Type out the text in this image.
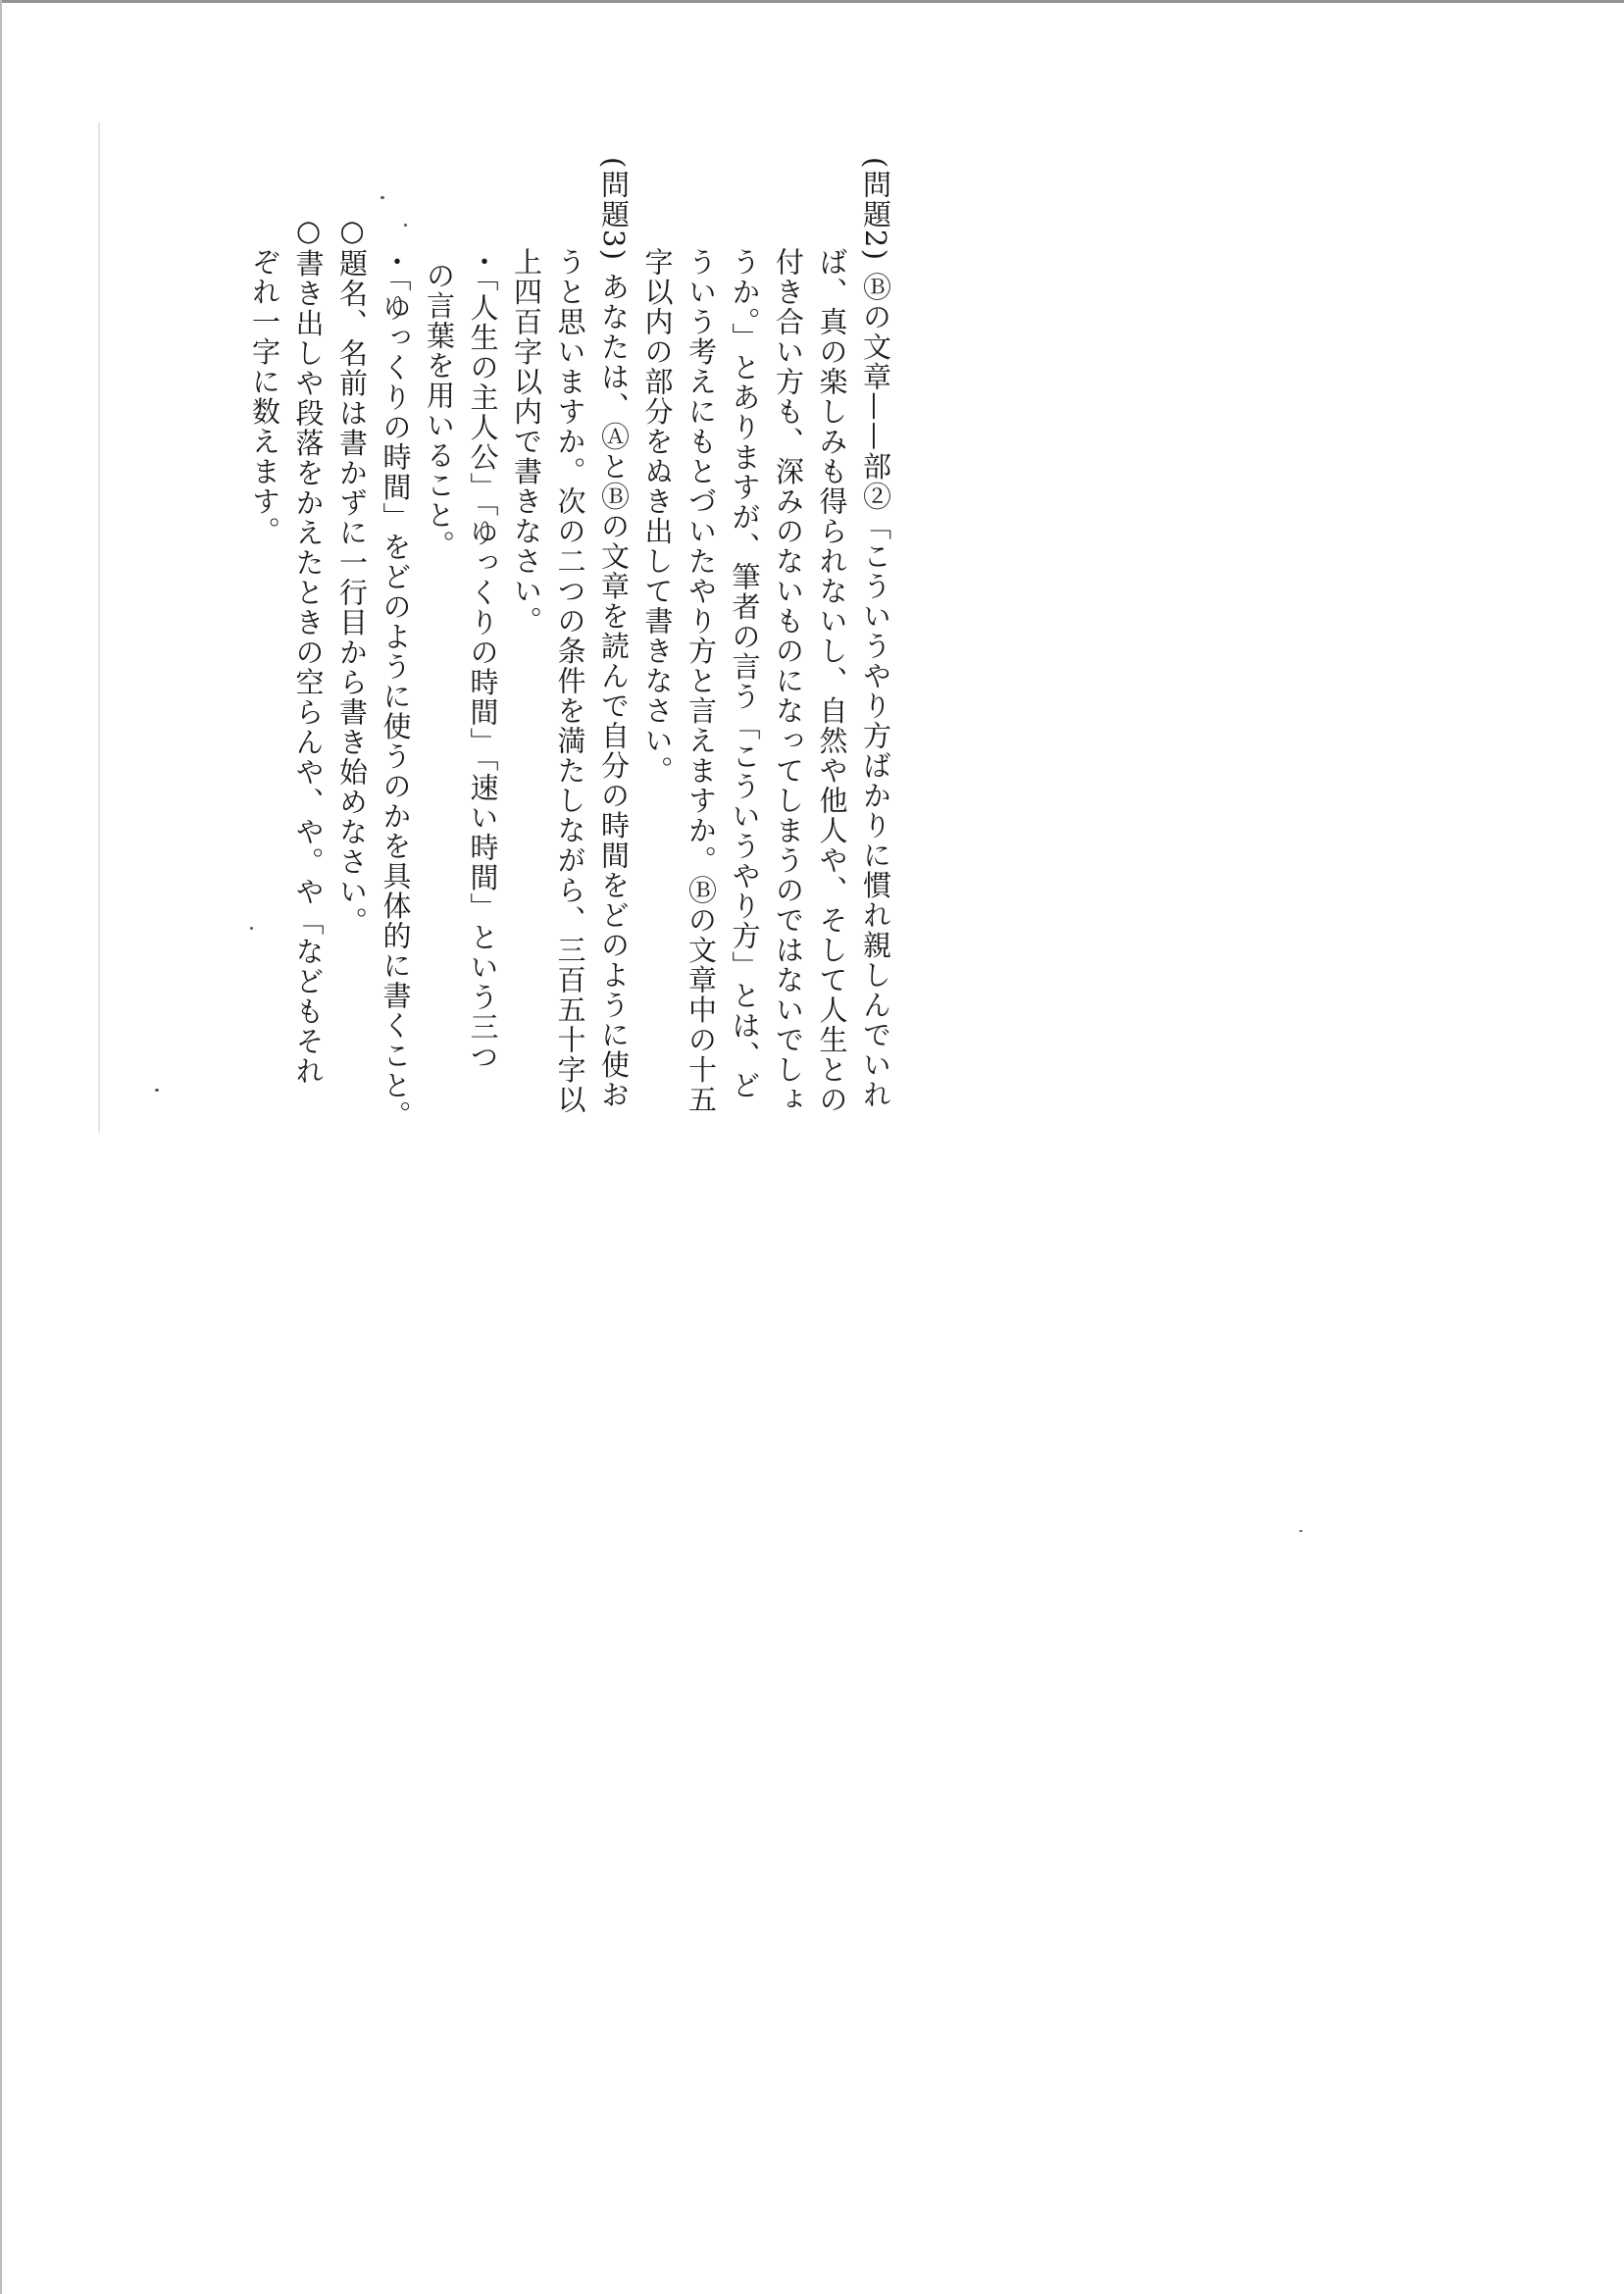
(問題2) Ⓑの文章——部②「こういうやり方ばかりに慣れ親しんでいれ
ば、真の楽しみも得られないし、自然や他人や、そして人生との
付き合い方も、深みのないものになってしまうのではないでしょ
うか。」とありますが、筆者の言う「こういうやり方」とは、ど
ういう考えにもとづいたやり方と言えますか。Ⓑの文章中の十五
字以内の部分をぬき出して書きなさい。
(問題3) あなたは、ⒶとⒷの文章を読んで自分の時間をどのように使お
うと思いますか。次の二つの条件を満たしながら、三百五十字以
上四百字以内で書きなさい。
・「人生の主人公」「ゆっくりの時間」「速い時間」という三つ
の言葉を用いること。
・「ゆっくりの時間」をどのように使うのかを具体的に書くこと。
○題名、名前は書かずに一行目から書き始めなさい。
○書き出しや段落をかえたときの空らんや、や。や「などもそれ
ぞれ一字に数えます。
